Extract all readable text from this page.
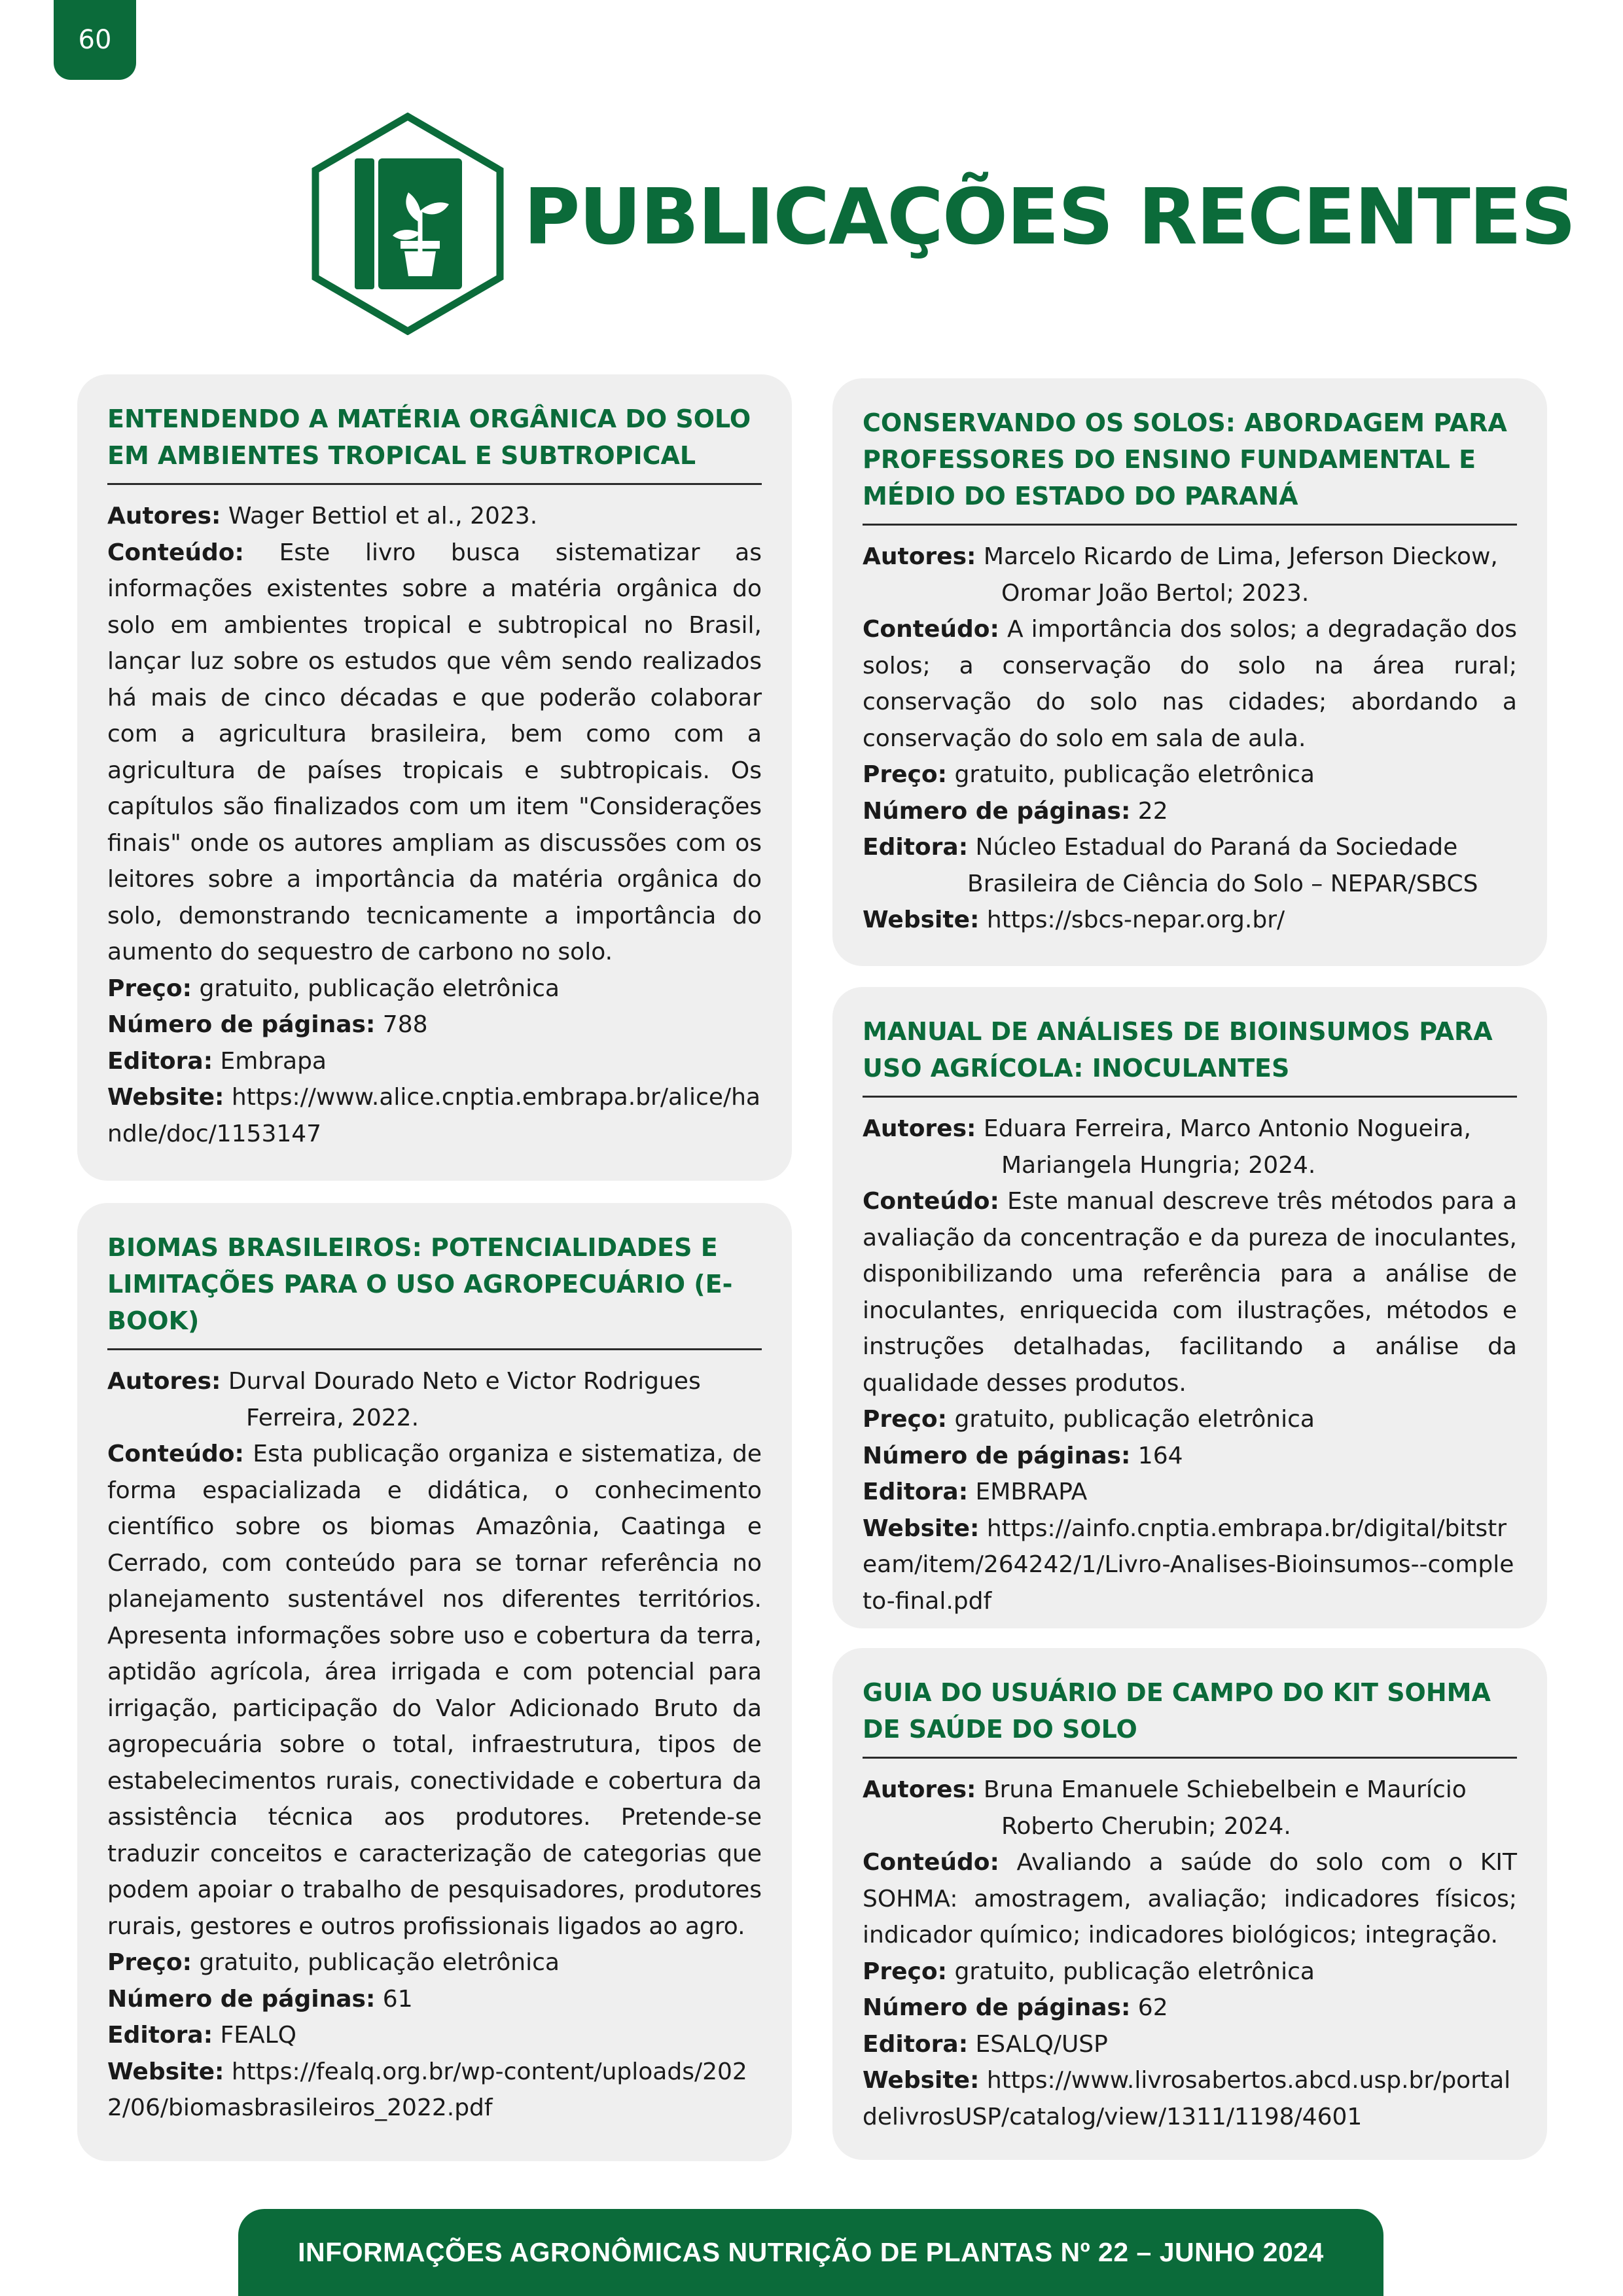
60
PUBLICAÇÕES RECENTES
ENTENDENDO A MATÉRIA ORGÂNICA DO SOLO EM AMBIENTES TROPICAL E SUBTROPICAL

Autores: Wager Bettiol et al., 2023.

Conteúdo: Este livro busca sistematizar as informações existentes sobre a matéria orgânica do solo em ambientes tropical e subtropical no Brasil, lançar luz sobre os estudos que vêm sendo realizados há mais de cinco décadas e que poderão colaborar com a agricultura brasileira, bem como com a agricultura de países tropicais e subtropicais. Os capítulos são finalizados com um item "Considerações finais" onde os autores ampliam as discussões com os leitores sobre a importância da matéria orgânica do solo, demonstrando tecnicamente a importância do aumento do sequestro de carbono no solo.

Preço: gratuito, publicação eletrônica

Número de páginas: 788

Editora: Embrapa

Website: https://www.alice.cnptia.embrapa.br/alice/handle/doc/1153147

BIOMAS BRASILEIROS: POTENCIALIDADES E LIMITAÇÕES PARA O USO AGROPECUÁRIO (E-BOOK)

Autores: Durval Dourado Neto e Victor Rodrigues Ferreira, 2022.

Conteúdo: Esta publicação organiza e sistematiza, de forma espacializada e didática, o conhecimento científico sobre os biomas Amazônia, Caatinga e Cerrado, com conteúdo para se tornar referência no planejamento sustentável nos diferentes territórios. Apresenta informações sobre uso e cobertura da terra, aptidão agrícola, área irrigada e com potencial para irrigação, participação do Valor Adicionado Bruto da agropecuária sobre o total, infraestrutura, tipos de estabelecimentos rurais, conectividade e cobertura da assistência técnica aos produtores. Pretende-se traduzir conceitos e caracterização de categorias que podem apoiar o trabalho de pesquisadores, produtores rurais, gestores e outros profissionais ligados ao agro.

Preço: gratuito, publicação eletrônica

Número de páginas: 61

Editora: FEALQ

Website: https://fealq.org.br/wp-content/uploads/2022/06/biomasbrasileiros_2022.pdf

CONSERVANDO OS SOLOS: ABORDAGEM PARA PROFESSORES DO ENSINO FUNDAMENTAL E MÉDIO DO ESTADO DO PARANÁ

Autores: Marcelo Ricardo de Lima, Jeferson Dieckow, Oromar João Bertol; 2023.

Conteúdo: A importância dos solos; a degradação dos solos; a conservação do solo na área rural; conservação do solo nas cidades; abordando a conservação do solo em sala de aula.

Preço: gratuito, publicação eletrônica

Número de páginas: 22

Editora: Núcleo Estadual do Paraná da Sociedade Brasileira de Ciência do Solo – NEPAR/SBCS

Website: https://sbcs-nepar.org.br/

MANUAL DE ANÁLISES DE BIOINSUMOS PARA USO AGRÍCOLA: INOCULANTES

Autores: Eduara Ferreira, Marco Antonio Nogueira, Mariangela Hungria; 2024.

Conteúdo: Este manual descreve três métodos para a avaliação da concentração e da pureza de inoculantes, disponibilizando uma referência para a análise de inoculantes, enriquecida com ilustrações, métodos e instruções detalhadas, facilitando a análise da qualidade desses produtos.

Preço: gratuito, publicação eletrônica

Número de páginas: 164

Editora: EMBRAPA

Website: https://ainfo.cnptia.embrapa.br/digital/bitstream/item/264242/1/Livro-Analises-Bioinsumos--completo-final.pdf

GUIA DO USUÁRIO DE CAMPO DO KIT SOHMA DE SAÚDE DO SOLO

Autores: Bruna Emanuele Schiebelbein e Maurício Roberto Cherubin; 2024.

Conteúdo: Avaliando a saúde do solo com o KIT SOHMA: amostragem, avaliação; indicadores físicos; indicador químico; indicadores biológicos; integração.

Preço: gratuito, publicação eletrônica

Número de páginas: 62

Editora: ESALQ/USP

Website: https://www.livrosabertos.abcd.usp.br/portaldelivrosUSP/catalog/view/1311/1198/4601

INFORMAÇÕES AGRONÔMICAS NUTRIÇÃO DE PLANTAS Nº 22 – JUNHO 2024
